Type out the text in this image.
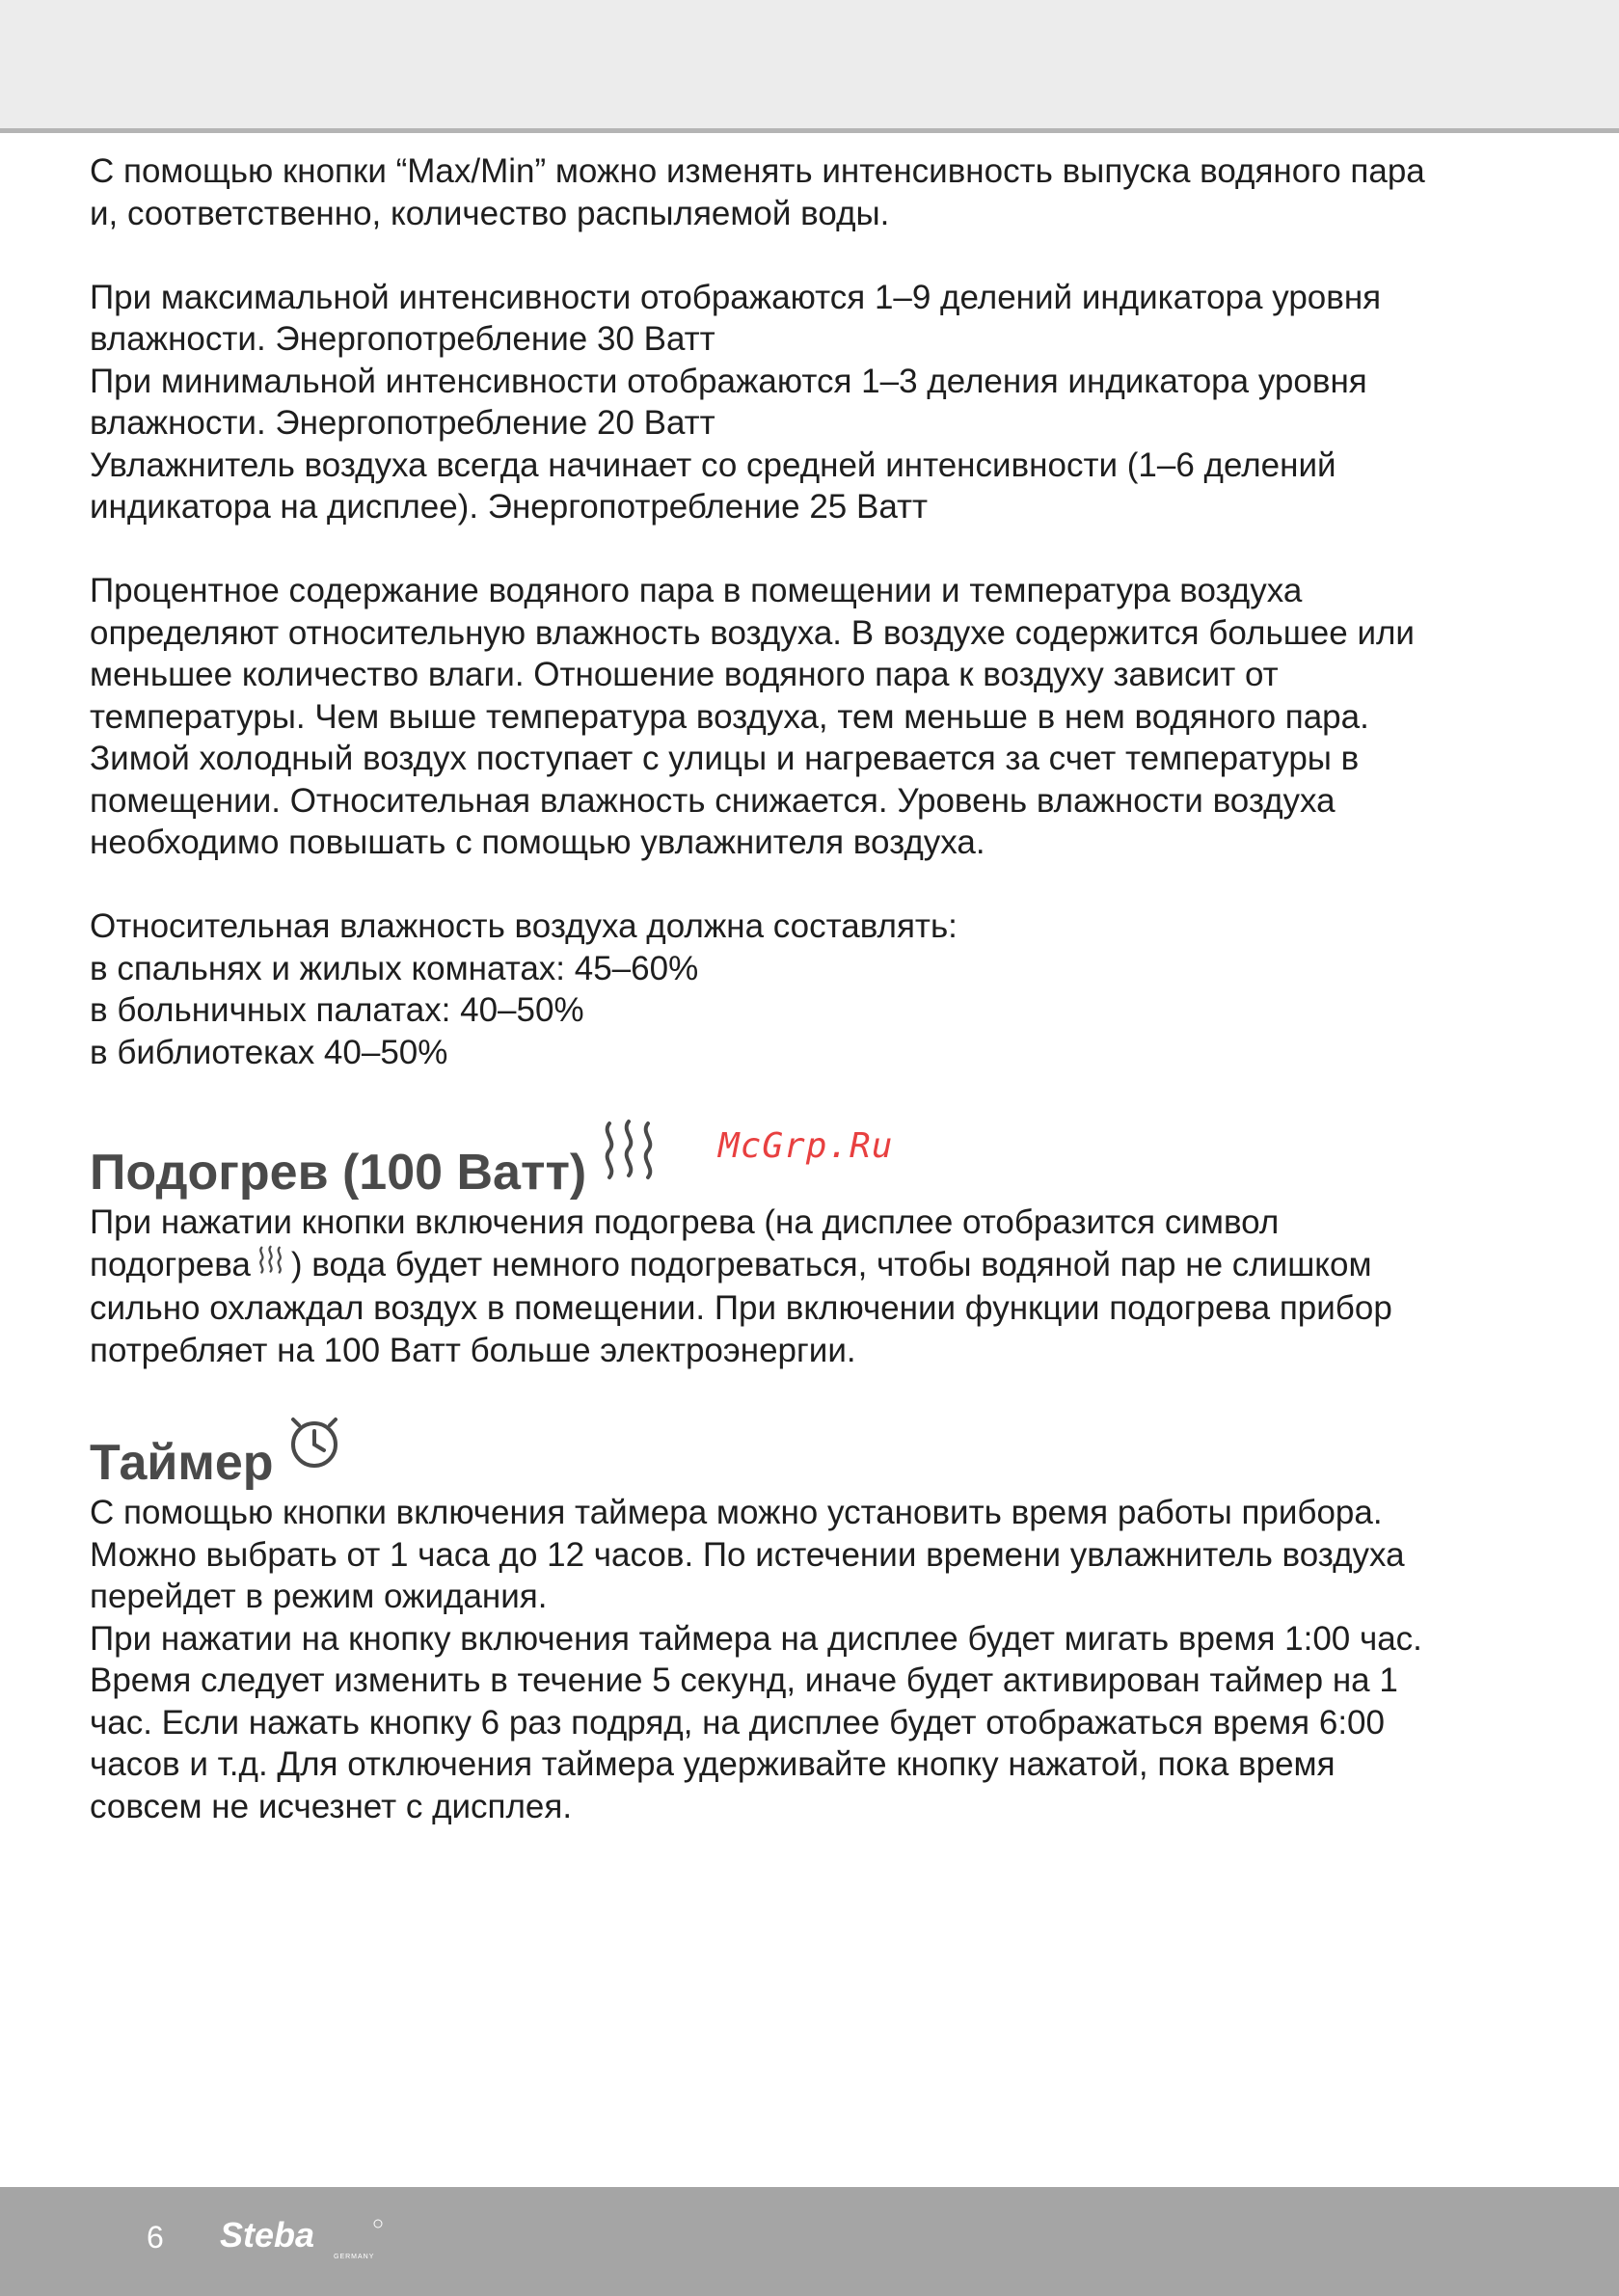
С помощью кнопки “Max/Min” можно изменять интенсивность выпуска водяного пара
и, соответственно, количество распыляемой воды.

При максимальной интенсивности отображаются 1–9 делений индикатора уровня
влажности. Энергопотребление 30 Ватт
При минимальной интенсивности отображаются 1–3 деления индикатора уровня
влажности. Энергопотребление 20 Ватт
Увлажнитель воздуха всегда начинает со средней интенсивности (1–6 делений
индикатора на дисплее). Энергопотребление 25 Ватт

Процентное содержание водяного пара в помещении и температура воздуха
определяют относительную влажность воздуха. В воздухе содержится большее или
меньшее количество влаги. Отношение водяного пара к воздуху зависит от
температуры. Чем выше температура воздуха, тем меньше в нем водяного пара.
Зимой холодный воздух поступает с улицы и нагревается за счет температуры в
помещении. Относительная влажность снижается. Уровень влажности воздуха
необходимо повышать с помощью увлажнителя воздуха.

Относительная влажность воздуха должна составлять:
в спальнях и жилых комнатах: 45–60%
в больничных палатах: 40–50%
в библиотеках 40–50%

Подогрев (100 Ватт)

При нажатии кнопки включения подогрева (на дисплее отобразится символ
подогрева ) вода будет немного подогреваться, чтобы водяной пар не слишком
сильно охлаждал воздух в помещении. При включении функции подогрева прибор
потребляет на 100 Ватт больше электроэнергии.

Таймер

С помощью кнопки включения таймера можно установить время работы прибора.
Можно выбрать от 1 часа до 12 часов. По истечении времени увлажнитель воздуха
перейдет в режим ожидания.
При нажатии на кнопку включения таймера на дисплее будет мигать время 1:00 час.
Время следует изменить в течение 5 секунд, иначе будет активирован таймер на 1
час. Если нажать кнопку 6 раз подряд, на дисплее будет отображаться время 6:00
часов и т.д. Для отключения таймера удерживайте кнопку нажатой, пока время
совсем не исчезнет с дисплея.

McGrp.Ru
6 Steba
GERMANY
